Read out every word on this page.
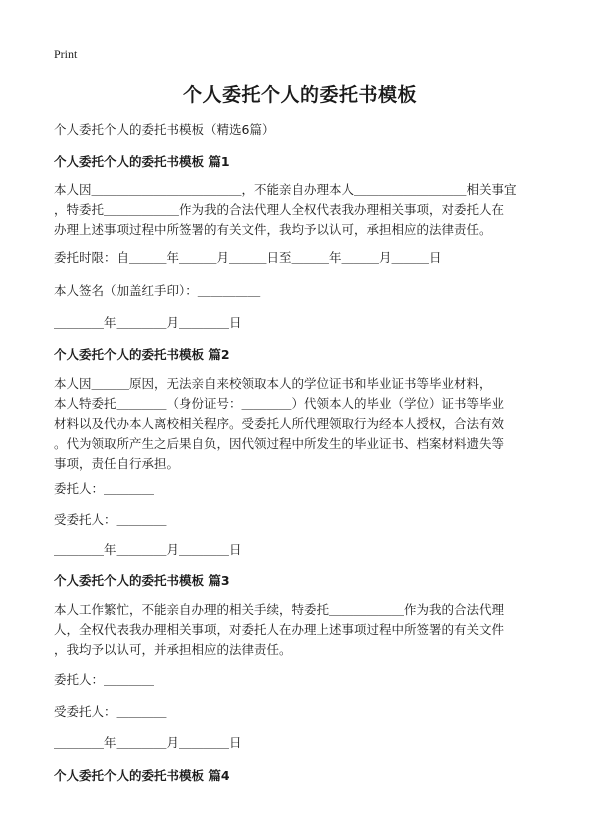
Print
个人委托个人的委托书模板
个人委托个人的委托书模板（精选6篇）
个人委托个人的委托书模板 篇1
本人因＿＿＿＿＿＿＿＿＿＿＿＿，不能亲自办理本人＿＿＿＿＿＿＿＿＿相关事宜
，特委托＿＿＿＿＿＿作为我的合法代理人全权代表我办理相关事项，对委托人在
办理上述事项过程中所签署的有关文件，我均予以认可，承担相应的法律责任。
委托时限：自＿＿＿年＿＿＿月＿＿＿日至＿＿＿年＿＿＿月＿＿＿日
本人签名（加盖红手印）：＿＿＿＿＿
＿＿＿＿年＿＿＿＿月＿＿＿＿日
个人委托个人的委托书模板 篇2
本人因＿＿＿原因，无法亲自来校领取本人的学位证书和毕业证书等毕业材料，
本人特委托＿＿＿＿（身份证号：＿＿＿＿）代领本人的毕业（学位）证书等毕业
材料以及代办本人离校相关程序。受委托人所代理领取行为经本人授权，合法有效
。代为领取所产生之后果自负，因代领过程中所发生的毕业证书、档案材料遗失等
事项，责任自行承担。
委托人：＿＿＿＿
受委托人：＿＿＿＿
＿＿＿＿年＿＿＿＿月＿＿＿＿日
个人委托个人的委托书模板 篇3
本人工作繁忙，不能亲自办理的相关手续，特委托＿＿＿＿＿＿作为我的合法代理
人，全权代表我办理相关事项，对委托人在办理上述事项过程中所签署的有关文件
，我均予以认可，并承担相应的法律责任。
委托人：＿＿＿＿
受委托人：＿＿＿＿
＿＿＿＿年＿＿＿＿月＿＿＿＿日
个人委托个人的委托书模板 篇4
